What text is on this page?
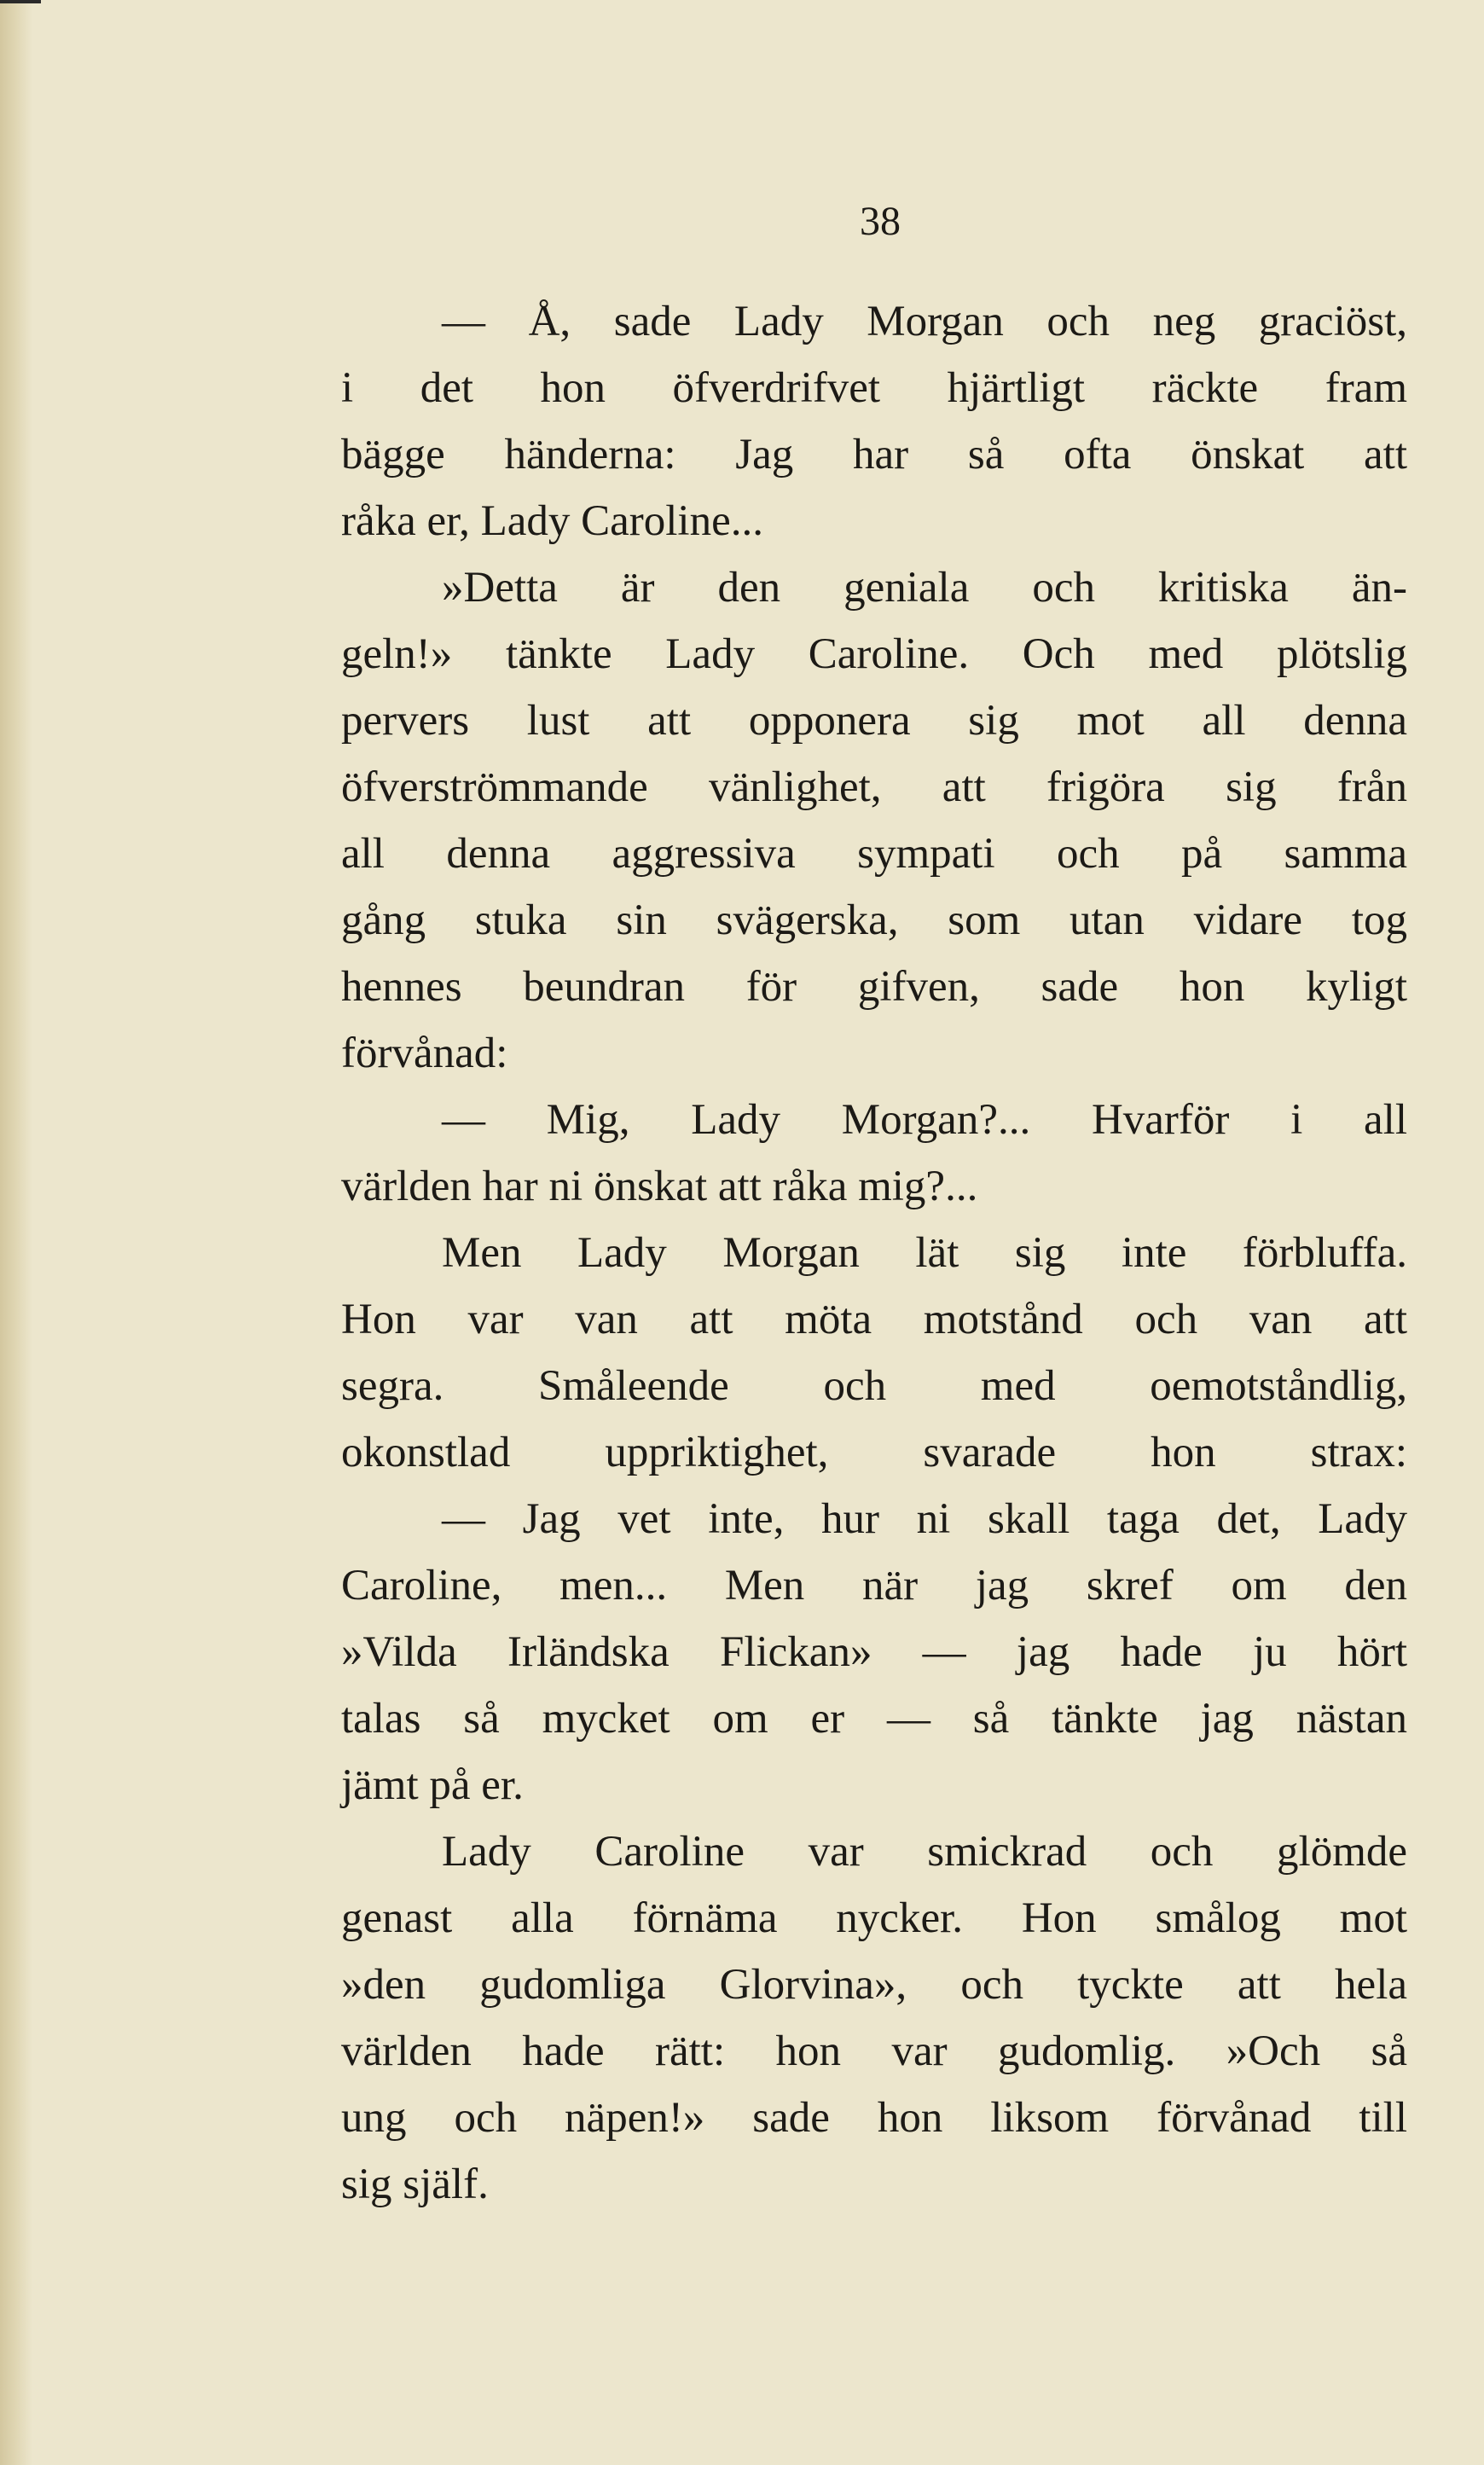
38
— Å, sade Lady Morgan och neg graciöst,
i det hon öfverdrifvet hjärtligt räckte fram
bägge händerna: Jag har så ofta önskat att
råka er, Lady Caroline...
»Detta är den geniala och kritiska än-
geln!» tänkte Lady Caroline. Och med plötslig
pervers lust att opponera sig mot all denna
öfverströmmande vänlighet, att frigöra sig från
all denna aggressiva sympati och på samma
gång stuka sin svägerska, som utan vidare tog
hennes beundran för gifven, sade hon kyligt
förvånad:
— Mig, Lady Morgan?... Hvarför i all
världen har ni önskat att råka mig?...
Men Lady Morgan lät sig inte förbluffa.
Hon var van att möta motstånd och van att
segra. Småleende och med oemotståndlig,
okonstlad uppriktighet, svarade hon strax:
— Jag vet inte, hur ni skall taga det, Lady
Caroline, men... Men när jag skref om den
»Vilda Irländska Flickan» — jag hade ju hört
talas så mycket om er — så tänkte jag nästan
jämt på er.
Lady Caroline var smickrad och glömde
genast alla förnäma nycker. Hon smålog mot
»den gudomliga Glorvina», och tyckte att hela
världen hade rätt: hon var gudomlig. »Och så
ung och näpen!» sade hon liksom förvånad till
sig själf.
